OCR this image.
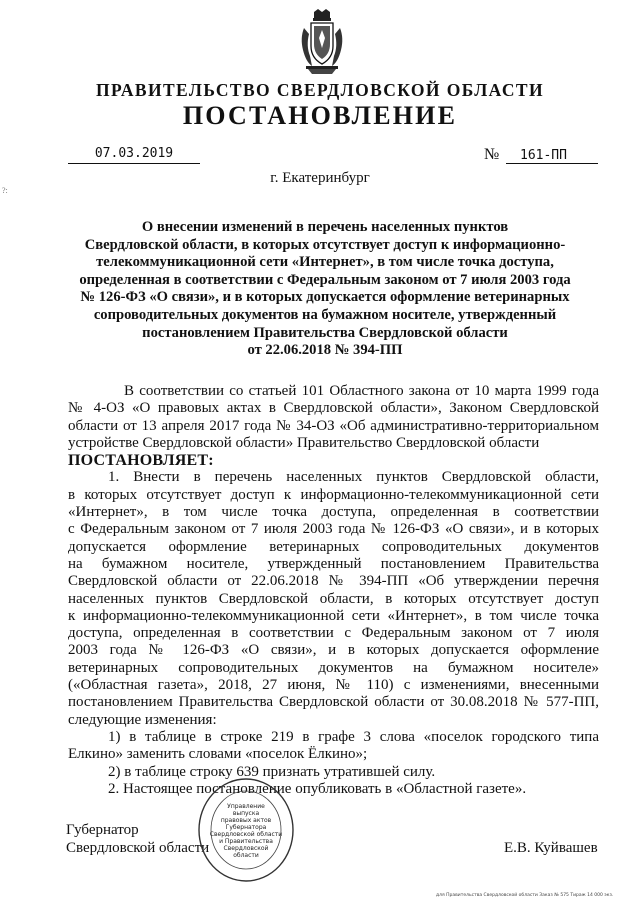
ПРАВИТЕЛЬСТВО СВЕРДЛОВСКОЙ ОБЛАСТИ
ПОСТАНОВЛЕНИЕ
07.03.2019	№	161-ПП
г. Екатеринбург
?:
О внесении изменений в перечень населенных пунктов
Свердловской области, в которых отсутствует доступ к информационно-
телекоммуникационной сети «Интернет», в том числе точка доступа,
определенная в соответствии с Федеральным законом от 7 июля 2003 года
№ 126-ФЗ «О связи», и в которых допускается оформление ветеринарных
сопроводительных документов на бумажном носителе, утвержденный
постановлением Правительства Свердловской области
от 22.06.2018 № 394-ПП
В соответствии со статьей 101 Областного закона от 10 марта 1999 года
№ 4-ОЗ «О правовых актах в Свердловской области», Законом Свердловской
области от 13 апреля 2017 года № 34-ОЗ «Об административно-территориальном
устройстве Свердловской области» Правительство Свердловской области
ПОСТАНОВЛЯЕТ:
1. Внести в перечень населенных пунктов Свердловской области,
в которых отсутствует доступ к информационно-телекоммуникационной сети
«Интернет», в том числе точка доступа, определенная в соответствии
с Федеральным законом от 7 июля 2003 года № 126-ФЗ «О связи», и в которых
допускается оформление ветеринарных сопроводительных документов
на бумажном носителе, утвержденный постановлением Правительства
Свердловской области от 22.06.2018 № 394-ПП «Об утверждении перечня
населенных пунктов Свердловской области, в которых отсутствует доступ
к информационно-телекоммуникационной сети «Интернет», в том числе точка
доступа, определенная в соответствии с Федеральным законом от 7 июля
2003 года № 126-ФЗ «О связи», и в которых допускается оформление
ветеринарных сопроводительных документов на бумажном носителе»
(«Областная газета», 2018, 27 июня, № 110) с изменениями, внесенными
постановлением Правительства Свердловской области от 30.08.2018 № 577-ПП,
следующие изменения:
1) в таблице в строке 219 в графе 3 слова «поселок городского типа
Елкино» заменить словами «поселок Ёлкино»;
2) в таблице строку 639 признать утратившей силу.
2. Настоящее постановление опубликовать в «Областной газете».
Губернатор
Свердловской области	Е.В. Куйвашев
Управление
выпуска
правовых актов
Губернатора
Свердловской области
и Правительства
Свердловской
области
для Правительства Свердловской области Заказ № 575 Тираж 14 000 экз.
